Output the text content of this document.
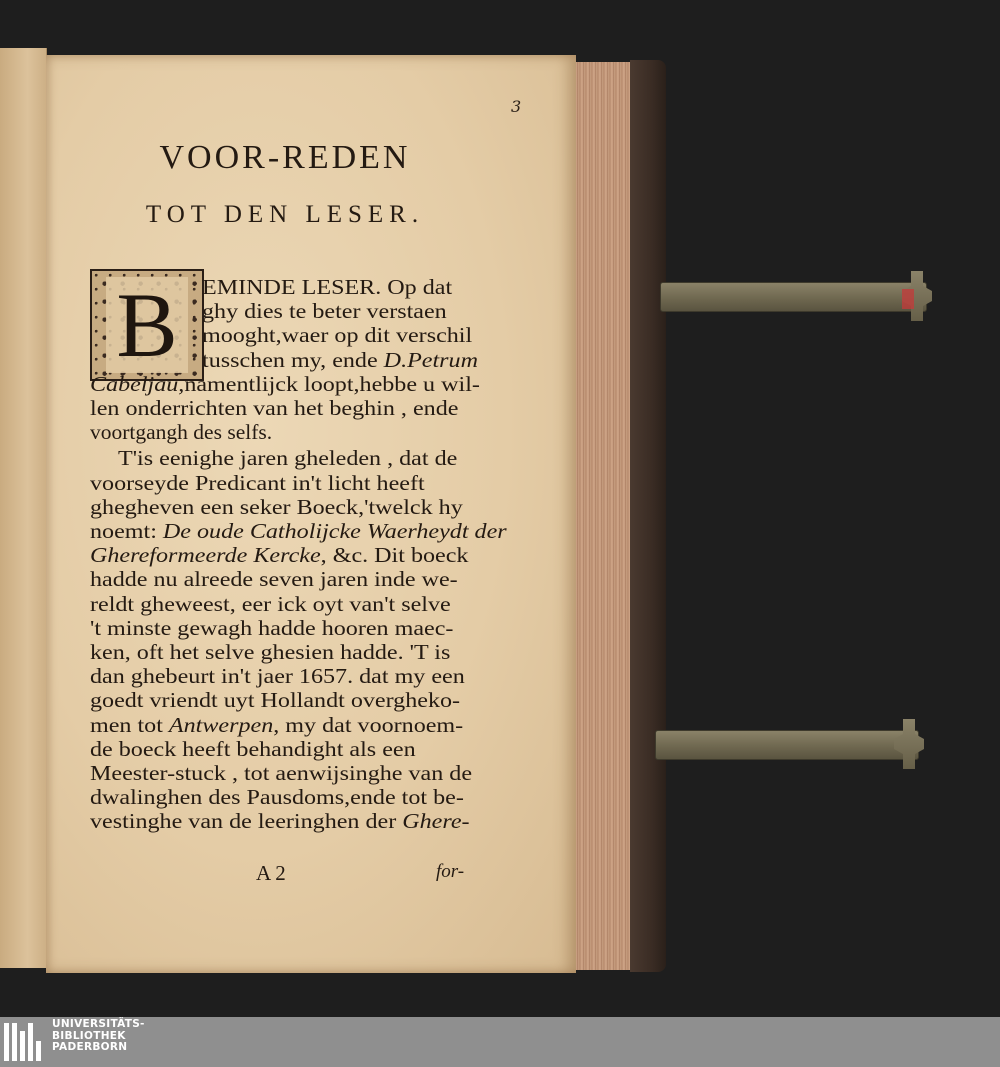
3
VOOR-REDEN
TOT DEN LESER.
B	EMINDE LESER. Op dat
ghy dies te beter verstaen
mooght,waer op dit verschil
tusschen my, ende D.Petrum
Cabeljau,namentlijck loopt,hebbe u wil-
len onderrichten van het beghin , ende
voortgangh des selfs.
T'is eenighe jaren gheleden , dat de
voorseyde Predicant in't licht heeft
ghegheven een seker Boeck,'twelck hy
noemt: De oude Catholijcke Waerheydt der
Ghereformeerde Kercke, &c. Dit boeck
hadde nu alreede seven jaren inde we-
reldt gheweest, eer ick oyt van't selve
't minste gewagh hadde hooren maec-
ken, oft het selve ghesien hadde. 'T is
dan ghebeurt in't jaer 1657. dat my een
goedt vriendt uyt Hollandt overgheko-
men tot Antwerpen, my dat voornoem-
de boeck heeft behandight als een
Meester-stuck , tot aenwijsinghe van de
dwalinghen des Pausdoms,ende tot be-
vestinghe van de leeringhen der Ghere-
A 2	for-
UNIVERSITÄTS-
BIBLIOTHEK
PADERBORN
